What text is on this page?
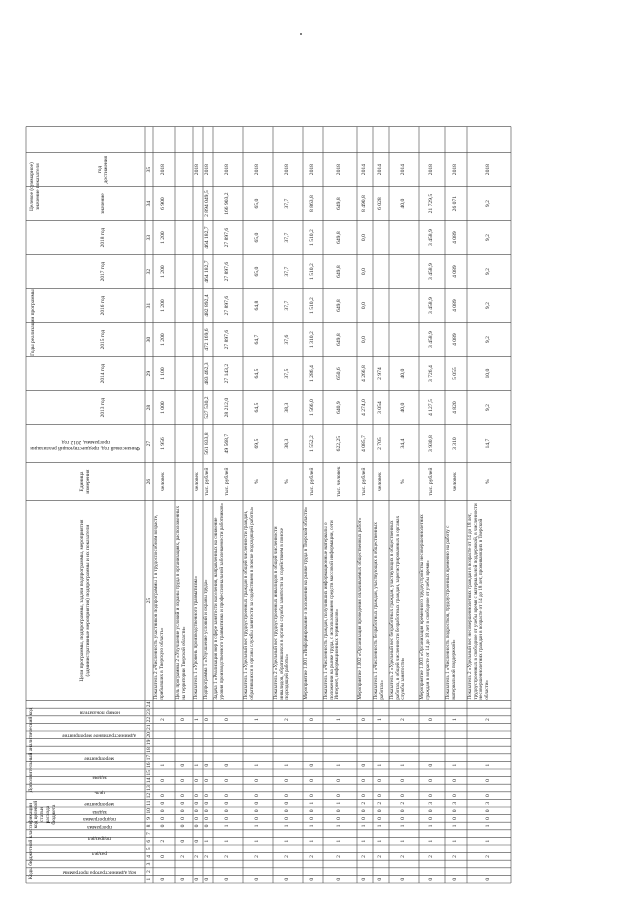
Коды бюджетной классификации
Дополнительный аналитический код
код целевой статьи расхода бюджета
код администратора программы
раздел
подраздел
программа
подпрограмма
задача
мероприятие
цель
задача
мероприятие
административное мероприятие
номер показателя
Цели программы, подпрограммы, задачи подпрограммы, мероприятия (административные мероприятия) подпрограммы и их показатели
Единица измерения
Финансовый год, предшествующий реализации программы, 2012 год
Годы реализации программы
2013 год
2014 год
2015 год
2016 год
2017 год
2018 год
Целевое (суммарное) значение показателя	значение
год достижения
1
2
3
4
5
6
7
8
9
10
11
12
13
14
15
16
17
18
19
20
21
22
23
24
25
26
27
28
29
30
31
32
33
34
35
0
0
2
0
0
0
0
0
0
1
2
Показатель 2 «Численность участников подпрограммы 1 в трудоспособном возрасте, прибывших в Тверскую область»
человек
1 956
1 000
1 100
1 200
1 200
1 200
1 200
6 900
2018
0
2
0
0
0
0
0
0
0
0
0
Цель программы 2 «Улучшение условий и охраны труда в организациях, расположенных на территории Тверской области»
0
2
0
0
0
0
0
0
0
1
1
Показатель 1 «Уровень производственного травматизма»
человек
2018
0
2
1
0
0
0
0
0
0
0
0
Подпрограмма 1 «Улучшение условий и охраны труда»
тыс. рублей
561 833,8
527 530,2
483 462,3
472 169,6
482 892,4
464 182,7
464 182,7
2 894 049,5
2018
0
2
1
1
0
0
0
0
0
0
0
Задача 1 «Реализация мер в сфере занятости населения, направленных на снижение уровня производственного травматизма и профессиональной заболеваемости работников»
тыс. рублей
49 568,7
28 212,0
27 143,2
27 897,6
27 897,6
27 897,6
27 897,6
166 903,2
2018
0
2
1
1
0
0
0
0
0
1
1
Показатель 1 «Удельный вес трудоустроенных граждан в общей численности граждан, обратившихся в органы службы занятости за содействием в поиске подходящей работы»
%
69,5
64,5
64,5
64,7
64,8
65,0
65,0
65,0
2018
0
2
1
1
0
0
0
0
0
1
2
Показатель 2 «Удельный вес трудоустроенных инвалидов в общей численности инвалидов, обратившихся в органы службы занятости за содействием в поиске подходящей работы»
%
38,3
38,3
37,5
37,6
37,7
37,7
37,7
37,7
2018
0
2
1
1
0
0
1
0
0
0
0
Мероприятие 1.001 «Информирование о положении на рынке труда в Тверской области»
тыс. рублей
1 552,2
1 566,0
1 286,4
1 310,2
1 510,2
1 510,2
1 510,2
8 863,8
2018
0
2
1
1
0
0
1
0
0
1
1
Показатель 1 «Численность граждан, получивших информационные материалы о положении на рынке труда, с использованием средств массовой информации, сети Интернет, информационных терминалов»
тыс. человек
622,25
640,9
650,6
649,8
649,8
649,8
649,8
649,8
2018
0
2
1
1
0
0
2
0
0
0
0
Мероприятие 1.002 «Организация проведения оплачиваемых общественных работ»
тыс. рублей
4 085,7
4 274,0
4 266,8
0,0
0,0
0,0
0,0
8 490,8
2014
0
2
1
1
0
0
2
0
0
1
1
Показатель 1 «Численность безработных граждан, участвующих в общественных работах»
человек
2 705
3 054
2 974
6 028
2014
0
2
1
1
0
0
2
0
0
1
2
Показатель 2 «Удельный вес безработных граждан, участвующих в общественных работах, в общей численности безработных граждан, зарегистрированных в органах службы занятости»
%
34,4
40,0
40,0
40,0
2014
0
2
1
1
0
0
3
0
0
0
0
Мероприятие 1.003 «Организация временного трудоустройства несовершеннолетних граждан в возрасте от 14 до 18 лет в свободное от учебы время»
тыс. рублей
3 930,8
4 127,5
3 726,4
3 458,9
3 458,9
3 458,9
3 458,9
21 729,5
2018
0
2
1
1
0
0
3
0
0
1
1
Показатель 1 «Численность подростков, трудоустроенных временно на работу с материальной поддержкой»
человек
3 310
4 820
5 055
4 089
4 089
4 089
4 089
26 071
2018
0
2
1
1
0
0
3
0
0
1
2
Показатель 2 «Удельный вес несовершеннолетних граждан в возрасте от 14 до 18 лет, трудоустроенных в свободное от учебы время с материальной поддержкой, в численности несовершеннолетних граждан в возрасте от 14 до 18 лет, проживающих в Тверской области»
%
14,7
9,2
10,0
9,2
9,2
9,2
9,2
9,2
2018
